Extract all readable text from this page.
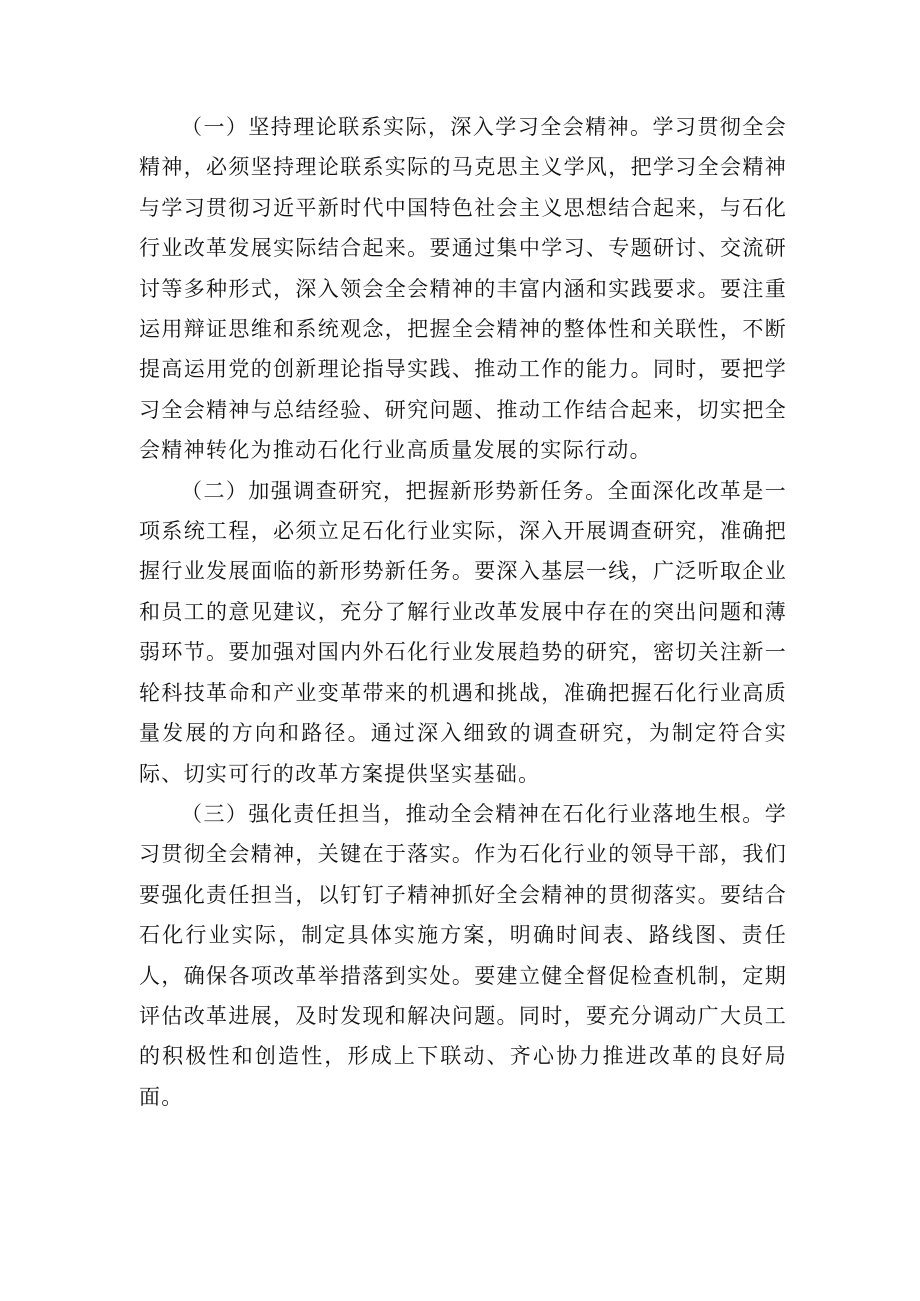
（一）坚持理论联系实际，深入学习全会精神。学习贯彻全会精神，必须坚持理论联系实际的马克思主义学风，把学习全会精神与学习贯彻习近平新时代中国特色社会主义思想结合起来，与石化行业改革发展实际结合起来。要通过集中学习、专题研讨、交流研讨等多种形式，深入领会全会精神的丰富内涵和实践要求。要注重运用辩证思维和系统观念，把握全会精神的整体性和关联性，不断提高运用党的创新理论指导实践、推动工作的能力。同时，要把学习全会精神与总结经验、研究问题、推动工作结合起来，切实把全会精神转化为推动石化行业高质量发展的实际行动。

（二）加强调查研究，把握新形势新任务。全面深化改革是一项系统工程，必须立足石化行业实际，深入开展调查研究，准确把握行业发展面临的新形势新任务。要深入基层一线，广泛听取企业和员工的意见建议，充分了解行业改革发展中存在的突出问题和薄弱环节。要加强对国内外石化行业发展趋势的研究，密切关注新一轮科技革命和产业变革带来的机遇和挑战，准确把握石化行业高质量发展的方向和路径。通过深入细致的调查研究，为制定符合实际、切实可行的改革方案提供坚实基础。

（三）强化责任担当，推动全会精神在石化行业落地生根。学习贯彻全会精神，关键在于落实。作为石化行业的领导干部，我们要强化责任担当，以钉钉子精神抓好全会精神的贯彻落实。要结合石化行业实际，制定具体实施方案，明确时间表、路线图、责任人，确保各项改革举措落到实处。要建立健全督促检查机制，定期评估改革进展，及时发现和解决问题。同时，要充分调动广大员工的积极性和创造性，形成上下联动、齐心协力推进改革的良好局面。
